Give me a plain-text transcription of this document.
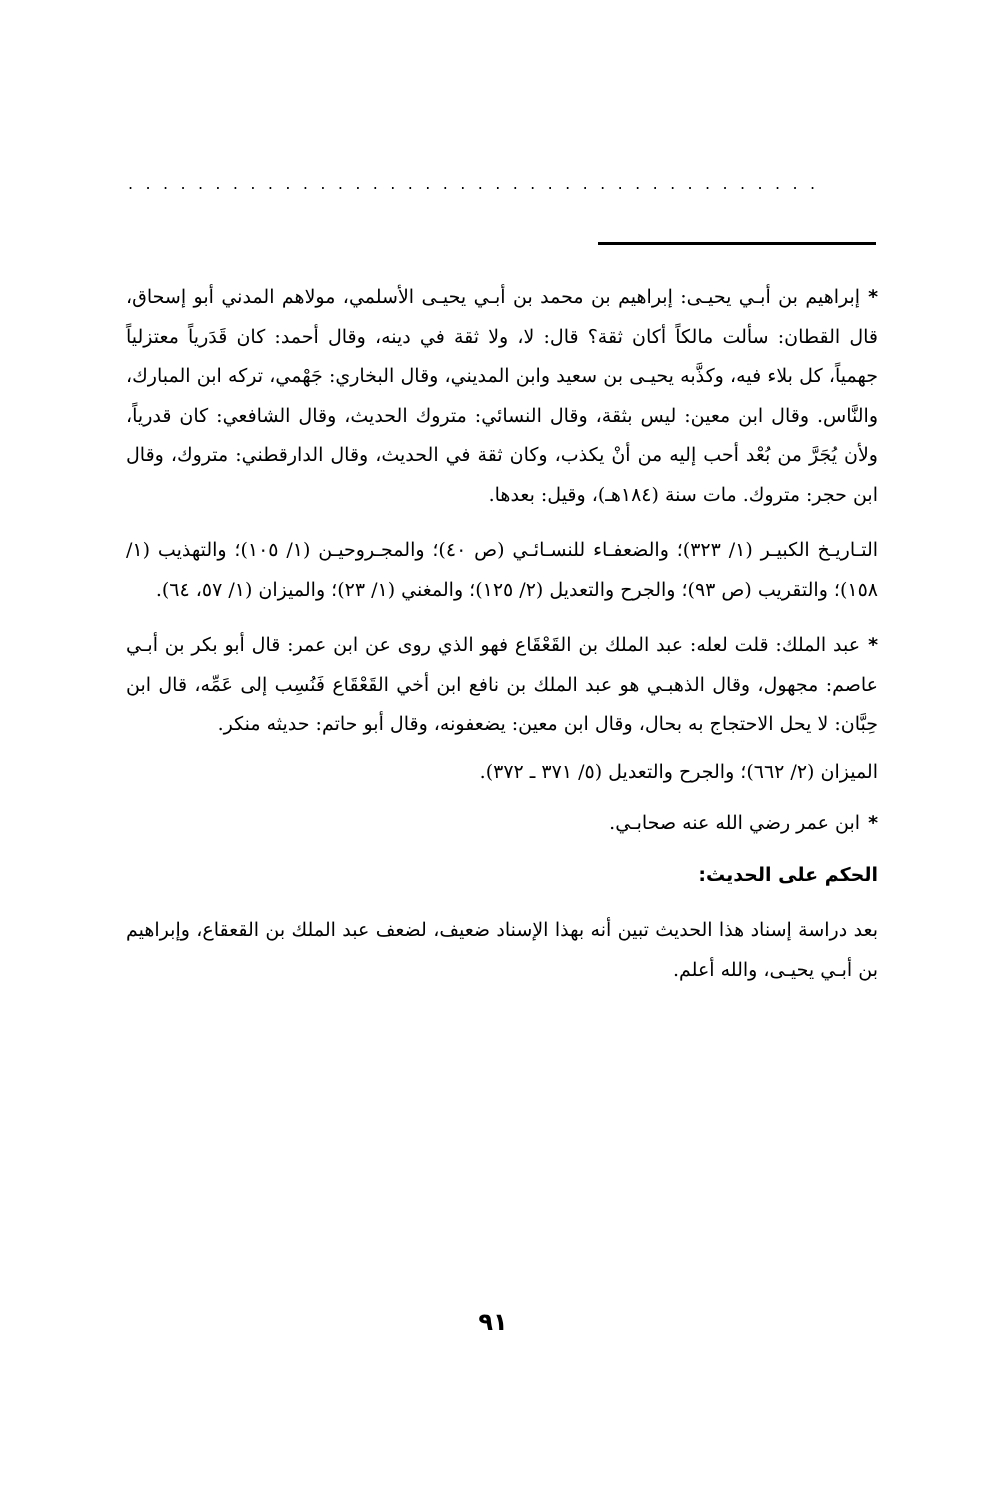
........................................

*إبراهيم بن أبـي يحيـى: إبراهيم بن محمد بن أبـي يحيـى الأسلمي، مولاهم المدني أبو إسحاق، قال القطان: سألت مالكاً أكان ثقة؟ قال: لا، ولا ثقة في دينه، وقال أحمد: كان قَدَرياً معتزلياً جهمياً، كل بلاء فيه، وكذَّبه يحيـى بن سعيد وابن المديني، وقال البخاري: جَهْمي، تركه ابن المبارك، والنَّاس. وقال ابن معين: ليس بثقة، وقال النسائي: متروك الحديث، وقال الشافعي: كان قدرياً، ولأن يُجَرَّ من بُعْد أحب إليه من أنْ يكذب، وكان ثقة في الحديث، وقال الدارقطني: متروك، وقال ابن حجر: متروك. مات سنة (١٨٤هـ)، وقيل: بعدها.

التـاريـخ الكبيـر (١/ ٣٢٣)؛ والضعفـاء للنسـائـي (ص ٤٠)؛ والمجـروحيـن (١/ ١٠٥)؛ والتهذيب (١/ ١٥٨)؛ والتقريب (ص ٩٣)؛ والجرح والتعديل (٢/ ١٢٥)؛ والمغني (١/ ٢٣)؛ والميزان (١/ ٥٧، ٦٤).

*عبد الملك: قلت لعله: عبد الملك بن القَعْقَاع فهو الذي روى عن ابن عمر: قال أبو بكر بن أبـي عاصم: مجهول، وقال الذهبـي هو عبد الملك بن نافع ابن أخي القَعْقَاع فَنُسِب إلى عَمِّه، قال ابن حِبَّان: لا يحل الاحتجاج به بحال، وقال ابن معين: يضعفونه، وقال أبو حاتم: حديثه منكر.

الميزان (٢/ ٦٦٢)؛ والجرح والتعديل (٥/ ٣٧١ ـ ٣٧٢).

*ابن عمر رضي الله عنه صحابـي.

الحكم على الحديث:

بعد دراسة إسناد هذا الحديث تبين أنه بهذا الإسناد ضعيف، لضعف عبد الملك بن القعقاع، وإبراهيم بن أبـي يحيـى، والله أعلم.

٩١
